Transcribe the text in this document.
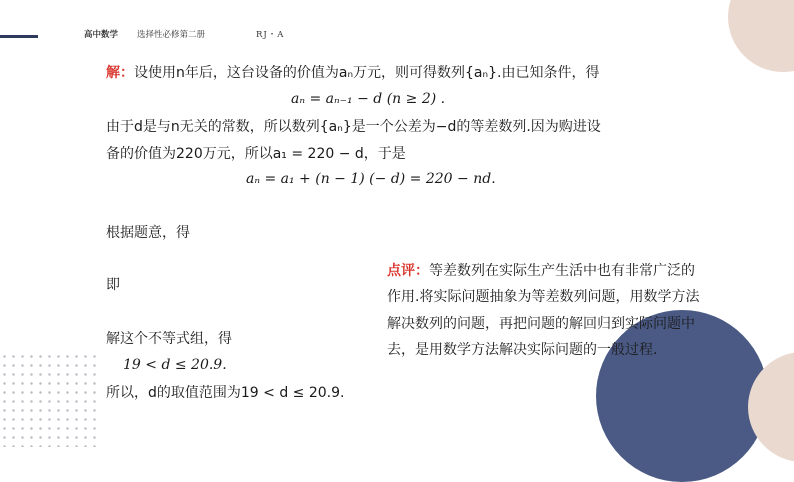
高中数学 选择性必修第二册	RJ・A
解：设使用n年后，这台设备的价值为aₙ万元，则可得数列{aₙ}.由已知条件，得
aₙ = aₙ₋₁ − d (n ≥ 2) .
由于d是与n无关的常数，所以数列{aₙ}是一个公差为−d的等差数列.因为购进设
备的价值为220万元，所以a₁ = 220 − d，于是
aₙ = a₁ + (n − 1) (− d) = 220 − nd.
根据题意，得
即
解这个不等式组，得
19 < d ≤ 20.9.
所以，d的取值范围为19 < d ≤ 20.9.
点评：等差数列在实际生产生活中也有非常广泛的
作用.将实际问题抽象为等差数列问题，用数学方法
解决数列的问题，再把问题的解回归到实际问题中
去，是用数学方法解决实际问题的一般过程.
